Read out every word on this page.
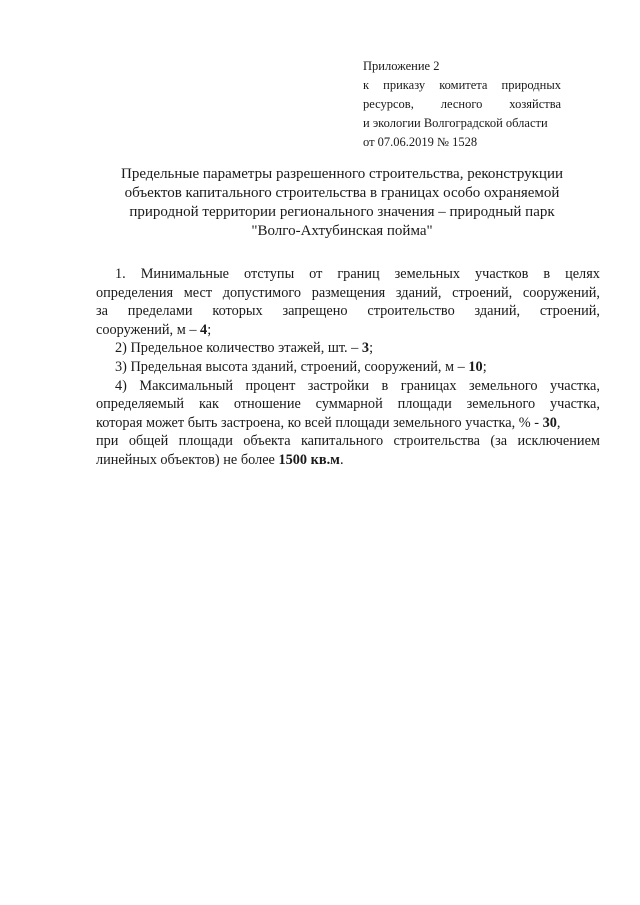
Приложение 2
к приказу комитета природных
ресурсов, лесного хозяйства
и экологии Волгоградской области
от 07.06.2019 № 1528
Предельные параметры разрешенного строительства, реконструкции
объектов капитального строительства в границах особо охраняемой
природной территории регионального значения – природный парк
"Волго-Ахтубинская пойма"
1. Минимальные отступы от границ земельных участков в целях
определения мест допустимого размещения зданий, строений, сооружений,
за пределами которых запрещено строительство зданий, строений,
сооружений, м – 4;
2) Предельное количество этажей, шт. – 3;
3) Предельная высота зданий, строений, сооружений, м – 10;
4) Максимальный процент застройки в границах земельного участка,
определяемый как отношение суммарной площади земельного участка,
которая может быть застроена, ко всей площади земельного участка, % - 30,
при общей площади объекта капитального строительства (за исключением
линейных объектов) не более 1500 кв.м.
